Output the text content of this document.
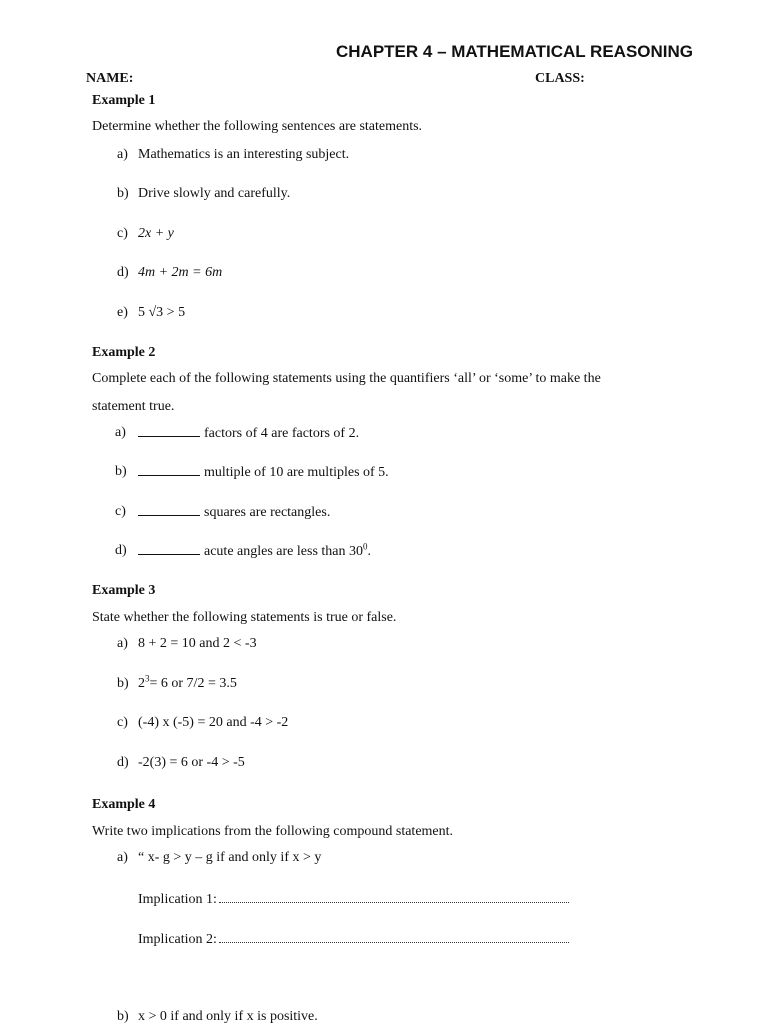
CHAPTER 4 – MATHEMATICAL REASONING
NAME:	CLASS:
Example 1
Determine whether the following sentences are statements.
a) Mathematics is an interesting subject.
b) Drive slowly and carefully.
c) 2x + y
d) 4m + 2m = 6m
e) 5 √3 > 5
Example 2
Complete each of the following statements using the quantifiers ‘all’ or ‘some’ to make the
statement true.
a)	factors of 4 are factors of 2.
b)	multiple of 10 are multiples of 5.
c)	squares are rectangles.
d)	acute angles are less than $30^0$.
Example 3
State whether the following statements is true or false.
a) 8 + 2 = 10 and 2 < -3
b) $2^3= 6$ or 7/2 = 3.5
c) (-4) x (-5) = 20 and -4 > -2
d) -2(3) = 6 or -4 > -5
Example 4
Write two implications from the following compound statement.
a) “ x- g > y – g if and only if x > y
Implication 1:
Implication 2:
b) x > 0 if and only if x is positive.
